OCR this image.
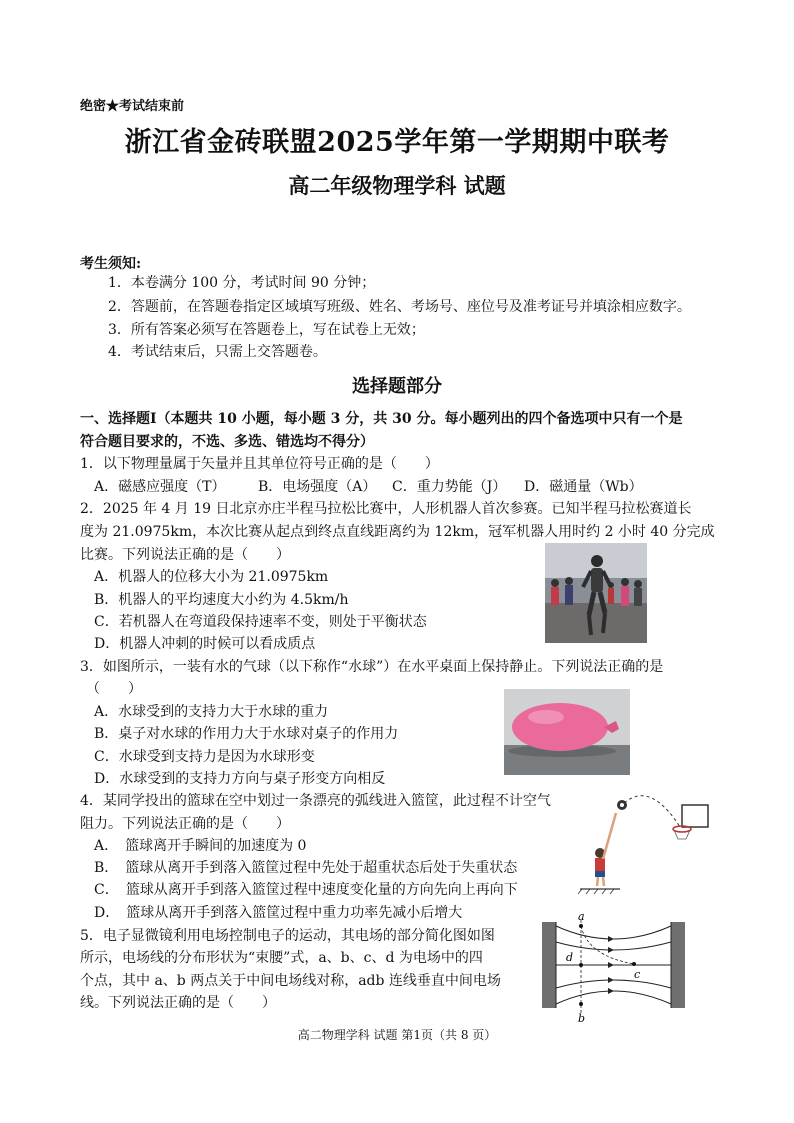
绝密★考试结束前
浙江省金砖联盟2025学年第一学期期中联考
高二年级物理学科 试题
考生须知:
1．本卷满分 100 分，考试时间 90 分钟；
2．答题前，在答题卷指定区域填写班级、姓名、考场号、座位号及准考证号并填涂相应数字。
3．所有答案必须写在答题卷上，写在试卷上无效；
4．考试结束后，只需上交答题卷。
选择题部分
一、选择题Ⅰ（本题共 10 小题，每小题 3 分，共 30 分。每小题列出的四个备选项中只有一个是
符合题目要求的，不选、多选、错选均不得分）
1．以下物理量属于矢量并且其单位符号正确的是（　　）
A．磁感应强度（T） B．电场强度（A） C．重力势能（J） D．磁通量（Wb）
2．2025 年 4 月 19 日北京亦庄半程马拉松比赛中，人形机器人首次参赛。已知半程马拉松赛道长
度为 21.0975km，本次比赛从起点到终点直线距离约为 12km，冠军机器人用时约 2 小时 40 分完成
比赛。下列说法正确的是（　　）
A．机器人的位移大小为 21.0975km
B．机器人的平均速度大小约为 4.5km/h
C．若机器人在弯道段保持速率不变，则处于平衡状态
D．机器人冲刺的时候可以看成质点
3．如图所示，一装有水的气球（以下称作“水球”）在水平桌面上保持静止。下列说法正确的是
（　　）
A．水球受到的支持力大于水球的重力
B．桌子对水球的作用力大于水球对桌子的作用力
C．水球受到支持力是因为水球形变
D．水球受到的支持力方向与桌子形变方向相反
4．某同学投出的篮球在空中划过一条漂亮的弧线进入篮筐，此过程不计空气
阻力。下列说法正确的是（　　）
A．　篮球离开手瞬间的加速度为 0
B．　篮球从离开手到落入篮筐过程中先处于超重状态后处于失重状态
C．　篮球从离开手到落入篮筐过程中速度变化量的方向先向上再向下
D．　篮球从离开手到落入篮筐过程中重力功率先减小后增大
5．电子显微镜利用电场控制电子的运动，其电场的部分简化图如图
所示，电场线的分布形状为“束腰”式，a、b、c、d 为电场中的四
个点，其中 a、b 两点关于中间电场线对称，adb 连线垂直中间电场
线。下列说法正确的是（　　）
a
b
c
d
高二物理学科 试题 第1页（共 8 页）
